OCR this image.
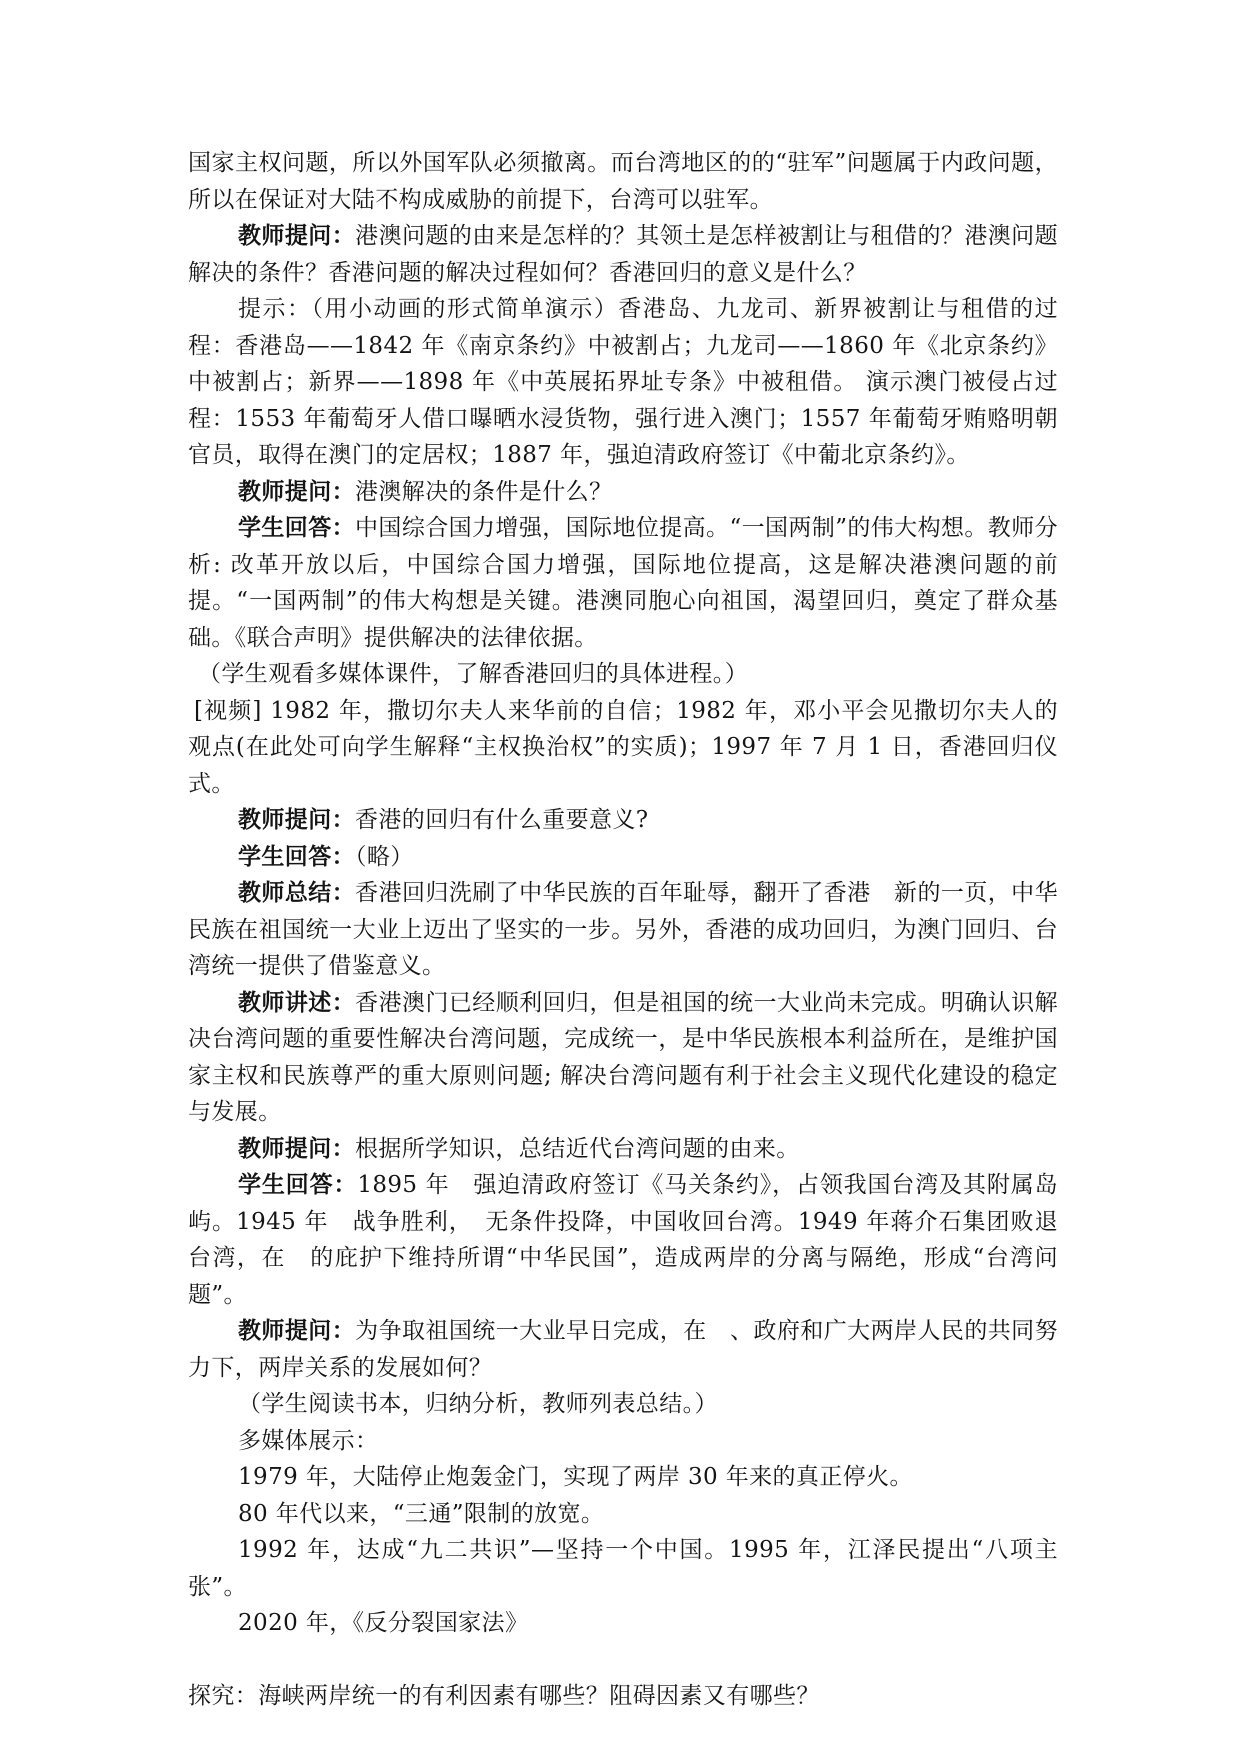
国家主权问题，所以外国军队必须撤离。而台湾地区的的“驻军”问题属于内政问题，所以在保证对大陆不构成威胁的前提下，台湾可以驻军。

教师提问：港澳问题的由来是怎样的？其领土是怎样被割让与租借的？港澳问题解决的条件？香港问题的解决过程如何？香港回归的意义是什么？

提示：（用小动画的形式简单演示）香港岛、九龙司、新界被割让与租借的过程：香港岛——1842 年《南京条约》中被割占；九龙司——1860 年《北京条约》中被割占；新界——1898 年《中英展拓界址专条》中被租借。 演示澳门被侵占过程：1553 年葡萄牙人借口曝晒水浸货物，强行进入澳门；1557 年葡萄牙贿赂明朝官员，取得在澳门的定居权；1887 年，强迫清政府签订《中葡北京条约》。

教师提问：港澳解决的条件是什么？

学生回答：中国综合国力增强，国际地位提高。“一国两制”的伟大构想。教师分析: 改革开放以后，中国综合国力增强，国际地位提高，这是解决港澳问题的前提。“一国两制”的伟大构想是关键。港澳同胞心向祖国，渴望回归，奠定了群众基础。《联合声明》提供解决的法律依据。

（学生观看多媒体课件，了解香港回归的具体进程。）

[视频] 1982 年，撒切尔夫人来华前的自信；1982 年，邓小平会见撒切尔夫人的观点(在此处可向学生解释“主权换治权”的实质)；1997 年 7 月 1 日，香港回归仪式。

教师提问：香港的回归有什么重要意义?

学生回答：（略）

教师总结：香港回归洗刷了中华民族的百年耻辱，翻开了香港　新的一页，中华民族在祖国统一大业上迈出了坚实的一步。另外，香港的成功回归，为澳门回归、台湾统一提供了借鉴意义。

教师讲述：香港澳门已经顺利回归，但是祖国的统一大业尚未完成。明确认识解决台湾问题的重要性解决台湾问题，完成统一，是中华民族根本利益所在，是维护国家主权和民族尊严的重大原则问题; 解决台湾问题有利于社会主义现代化建设的稳定与发展。

教师提问：根据所学知识，总结近代台湾问题的由来。

学生回答：1895 年　强迫清政府签订《马关条约》，占领我国台湾及其附属岛屿。1945 年　战争胜利，　无条件投降，中国收回台湾。1949 年蒋介石集团败退台湾，在　的庇护下维持所谓“中华民国”，造成两岸的分离与隔绝，形成“台湾问题”。

教师提问：为争取祖国统一大业早日完成，在　、政府和广大两岸人民的共同努力下，两岸关系的发展如何？

（学生阅读书本，归纳分析，教师列表总结。）

多媒体展示：

1979 年，大陆停止炮轰金门，实现了两岸 30 年来的真正停火。

80 年代以来，“三通”限制的放宽。

1992 年，达成“九二共识”—坚持一个中国。1995 年，江泽民提出“八项主张”。

2020 年，《反分裂国家法》

探究：海峡两岸统一的有利因素有哪些？阻碍因素又有哪些？
